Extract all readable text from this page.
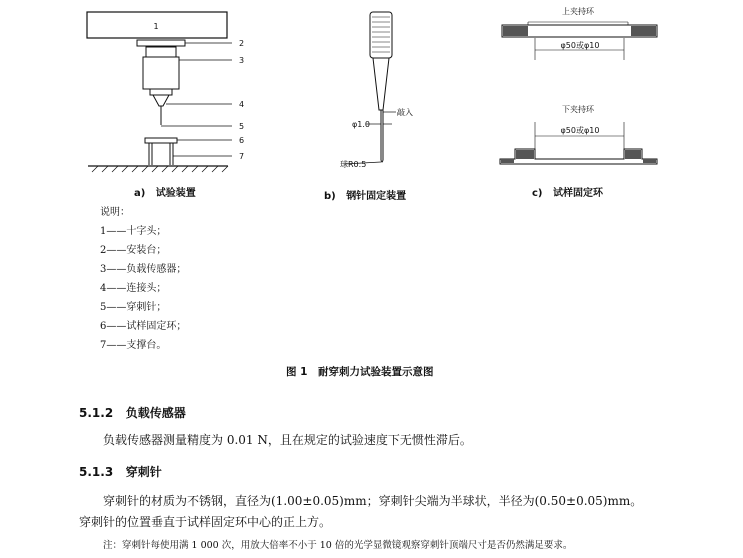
1
2
3
4
5
6
7
敲入
φ1.0
球R0.5
上夹持环
φ50或φ10
下夹持环
φ50或φ10
a) 试验装置	b) 钢针固定装置	c) 试样固定环
说明：
1——十字头；
2——安装台；
3——负载传感器；
4——连接头；
5——穿刺针；
6——试样固定环；
7——支撑台。
图 1　耐穿刺力试验装置示意图
5.1.2 负载传感器
负载传感器测量精度为 0.01 N，且在规定的试验速度下无惯性滞后。
5.1.3 穿刺针
穿刺针的材质为不锈钢，直径为(1.00±0.05)mm；穿刺针尖端为半球状，半径为(0.50±0.05)mm。
穿刺针的位置垂直于试样固定环中心的正上方。
注：穿刺针每使用满 1 000 次，用放大倍率不小于 10 倍的光学显微镜观察穿刺针顶端尺寸是否仍然满足要求。
